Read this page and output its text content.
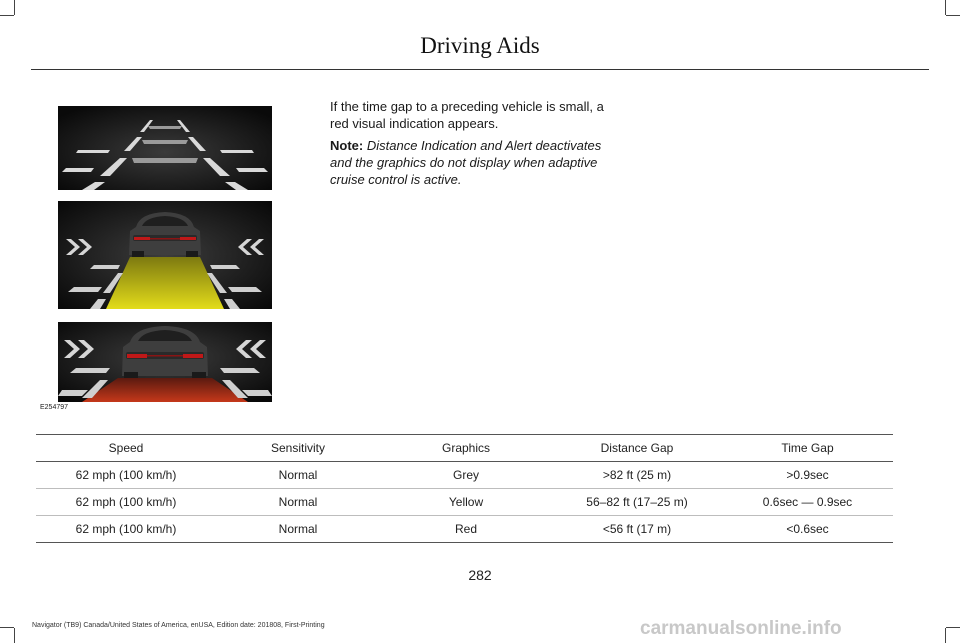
Driving Aids
E254797

If the time gap to a preceding vehicle is small, a red visual indication appears.

Note: Distance Indication and Alert deactivates and the graphics do not display when adaptive cruise control is active.

Speed	Sensitivity	Graphics	Distance Gap	Time Gap
62 mph (100 km/h)	Normal	Grey	>82 ft (25 m)	>0.9sec
62 mph (100 km/h)	Normal	Yellow	56–82 ft (17–25 m)	0.6sec — 0.9sec
62 mph (100 km/h)	Normal	Red	<56 ft (17 m)	<0.6sec
282
Navigator (TB9) Canada/United States of America, enUSA, Edition date: 201808, First-Printing	carmanualsonline.info
